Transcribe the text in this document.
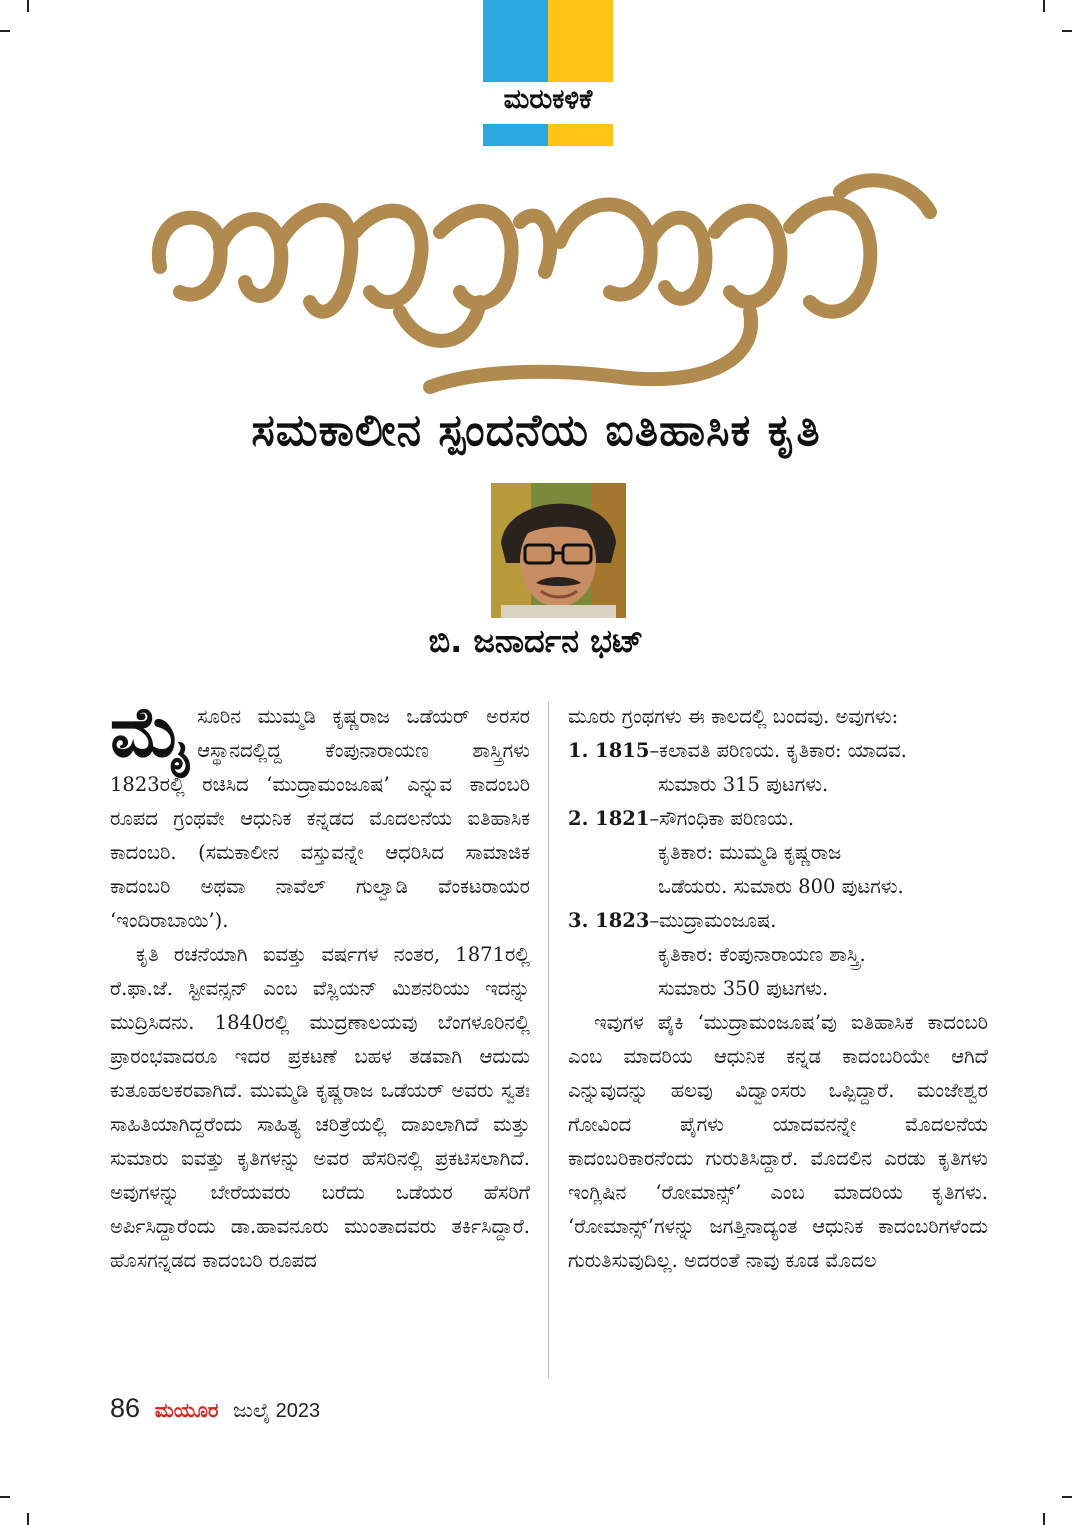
ಮರುಕಳಿಕೆ
ಸಮಕಾಲೀನ ಸ್ಪಂದನೆಯ ಐತಿಹಾಸಿಕ ಕೃತಿ
ಬಿ. ಜನಾರ್ದನ ಭಟ್

ಮೈಸೂರಿನ ಮುಮ್ಮಡಿ ಕೃಷ್ಣರಾಜ ಒಡೆಯರ್ ಅರಸರ ಆಸ್ಥಾನದಲ್ಲಿದ್ದ ಕೆಂಪುನಾರಾಯಣ ಶಾಸ್ತ್ರಿಗಳು 1823ರಲ್ಲಿ ರಚಿಸಿದ ‘ಮುದ್ರಾಮಂಜೂಷ’ ಎನ್ನುವ ಕಾದಂಬರಿ ರೂಪದ ಗ್ರಂಥವೇ ಆಧುನಿಕ ಕನ್ನಡದ ಮೊದಲನೆಯ ಐತಿಹಾಸಿಕ ಕಾದಂಬರಿ. (ಸಮಕಾಲೀನ ವಸ್ತುವನ್ನೇ ಆಧರಿಸಿದ ಸಾಮಾಜಿಕ ಕಾದಂಬರಿ ಅಥವಾ ನಾವೆಲ್ ಗುಲ್ವಾಡಿ ವೆಂಕಟರಾಯರ ‘ಇಂದಿರಾಬಾಯಿ’).

ಕೃತಿ ರಚನೆಯಾಗಿ ಐವತ್ತು ವರ್ಷಗಳ ನಂತರ, 1871ರಲ್ಲಿ ರೆ.ಫಾ.ಜೆ. ಸ್ಟೀವನ್ಸನ್ ಎಂಬ ವೆಸ್ಲಿಯನ್ ಮಿಶನರಿಯು ಇದನ್ನು ಮುದ್ರಿಸಿದನು. 1840ರಲ್ಲಿ ಮುದ್ರಣಾಲಯವು ಬೆಂಗಳೂರಿನಲ್ಲಿ ಪ್ರಾರಂಭವಾದರೂ ಇದರ ಪ್ರಕಟಣೆ ಬಹಳ ತಡವಾಗಿ ಆದುದು ಕುತೂಹಲಕರವಾಗಿದೆ. ಮುಮ್ಮಡಿ ಕೃಷ್ಣರಾಜ ಒಡೆಯರ್ ಅವರು ಸ್ವತಃ ಸಾಹಿತಿಯಾಗಿದ್ದರೆಂದು ಸಾಹಿತ್ಯ ಚರಿತ್ರೆಯಲ್ಲಿ ದಾಖಲಾಗಿದೆ ಮತ್ತು ಸುಮಾರು ಐವತ್ತು ಕೃತಿಗಳನ್ನು ಅವರ ಹೆಸರಿನಲ್ಲಿ ಪ್ರಕಟಿಸಲಾಗಿದೆ. ಅವುಗಳನ್ನು ಬೇರೆಯವರು ಬರೆದು ಒಡೆಯರ ಹೆಸರಿಗೆ ಅರ್ಪಿಸಿದ್ದಾರೆಂದು ಡಾ.ಹಾವನೂರು ಮುಂತಾದವರು ತರ್ಕಿಸಿದ್ದಾರೆ. ಹೊಸಗನ್ನಡದ ಕಾದಂಬರಿ ರೂಪದ

ಮೂರು ಗ್ರಂಥಗಳು ಈ ಕಾಲದಲ್ಲಿ ಬಂದವು. ಅವುಗಳು:

1. 1815–ಕಲಾವತಿ ಪರಿಣಯ. ಕೃತಿಕಾರ: ಯಾದವ.

ಸುಮಾರು 315 ಪುಟಗಳು.

2. 1821–ಸೌಗಂಧಿಕಾ ಪರಿಣಯ.

ಕೃತಿಕಾರ: ಮುಮ್ಮಡಿ ಕೃಷ್ಣರಾಜ

ಒಡೆಯರು. ಸುಮಾರು 800 ಪುಟಗಳು.

3. 1823–ಮುದ್ರಾಮಂಜೂಷ.

ಕೃತಿಕಾರ: ಕೆಂಪುನಾರಾಯಣ ಶಾಸ್ತ್ರಿ.

ಸುಮಾರು 350 ಪುಟಗಳು.

ಇವುಗಳ ಪೈಕಿ ‘ಮುದ್ರಾಮಂಜೂಷ’ವು ಐತಿಹಾಸಿಕ ಕಾದಂಬರಿ ಎಂಬ ಮಾದರಿಯ ಆಧುನಿಕ ಕನ್ನಡ ಕಾದಂಬರಿಯೇ ಆಗಿದೆ ಎನ್ನುವುದನ್ನು ಹಲವು ವಿದ್ವಾಂಸರು ಒಪ್ಪಿದ್ದಾರೆ. ಮಂಜೇಶ್ವರ ಗೋವಿಂದ ಪೈಗಳು ಯಾದವನನ್ನೇ ಮೊದಲನೆಯ ಕಾದಂಬರಿಕಾರನೆಂದು ಗುರುತಿಸಿದ್ದಾರೆ. ಮೊದಲಿನ ಎರಡು ಕೃತಿಗಳು ಇಂಗ್ಲಿಷಿನ ‘ರೋಮಾನ್ಸ್’ ಎಂಬ ಮಾದರಿಯ ಕೃತಿಗಳು. ‘ರೋಮಾನ್ಸ್’ಗಳನ್ನು ಜಗತ್ತಿನಾದ್ಯಂತ ಆಧುನಿಕ ಕಾದಂಬರಿಗಳೆಂದು ಗುರುತಿಸುವುದಿಲ್ಲ. ಅದರಂತೆ ನಾವು ಕೂಡ ಮೊದಲ

86 ಮಯೂರ ಜುಲೈ 2023
